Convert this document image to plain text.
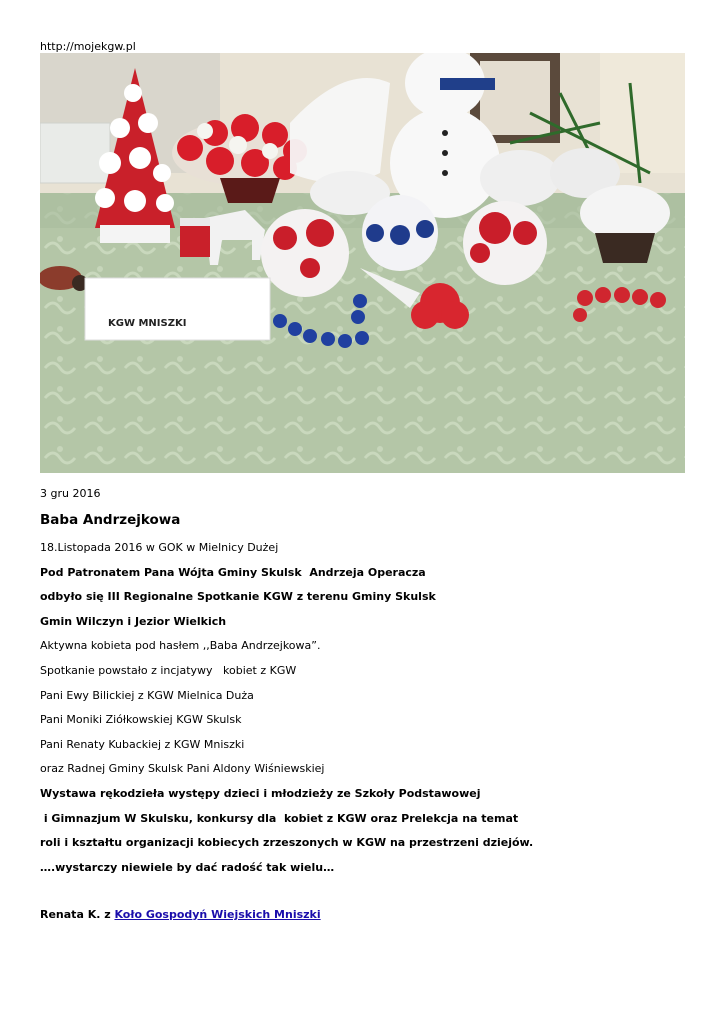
http://mojekgw.pl
KGW MNISZKI
3 gru 2016
Baba Andrzejkowa
18.Listopada 2016 w GOK w Mielnicy Dużej
Pod Patronatem Pana Wójta Gminy Skulsk  Andrzeja Operacza
odbyło się III Regionalne Spotkanie KGW z terenu Gminy Skulsk
Gmin Wilczyn i Jezior Wielkich
Aktywna kobieta pod hasłem ,,Baba Andrzejkowa”.
Spotkanie powstało z incjatywy   kobiet z KGW
Pani Ewy Bilickiej z KGW Mielnica Duża
Pani Moniki Ziółkowskiej KGW Skulsk
Pani Renaty Kubackiej z KGW Mniszki
oraz Radnej Gminy Skulsk Pani Aldony Wiśniewskiej
Wystawa rękodzieła występy dzieci i młodzieży ze Szkoły Podstawowej
i Gimnazjum W Skulsku, konkursy dla  kobiet z KGW oraz Prelekcja na temat
roli i kształtu organizacji kobiecych zrzeszonych w KGW na przestrzeni dziejów.
….wystarczy niewiele by dać radość tak wielu…
Renata K. z Koło Gospodyń Wiejskich Mniszki
